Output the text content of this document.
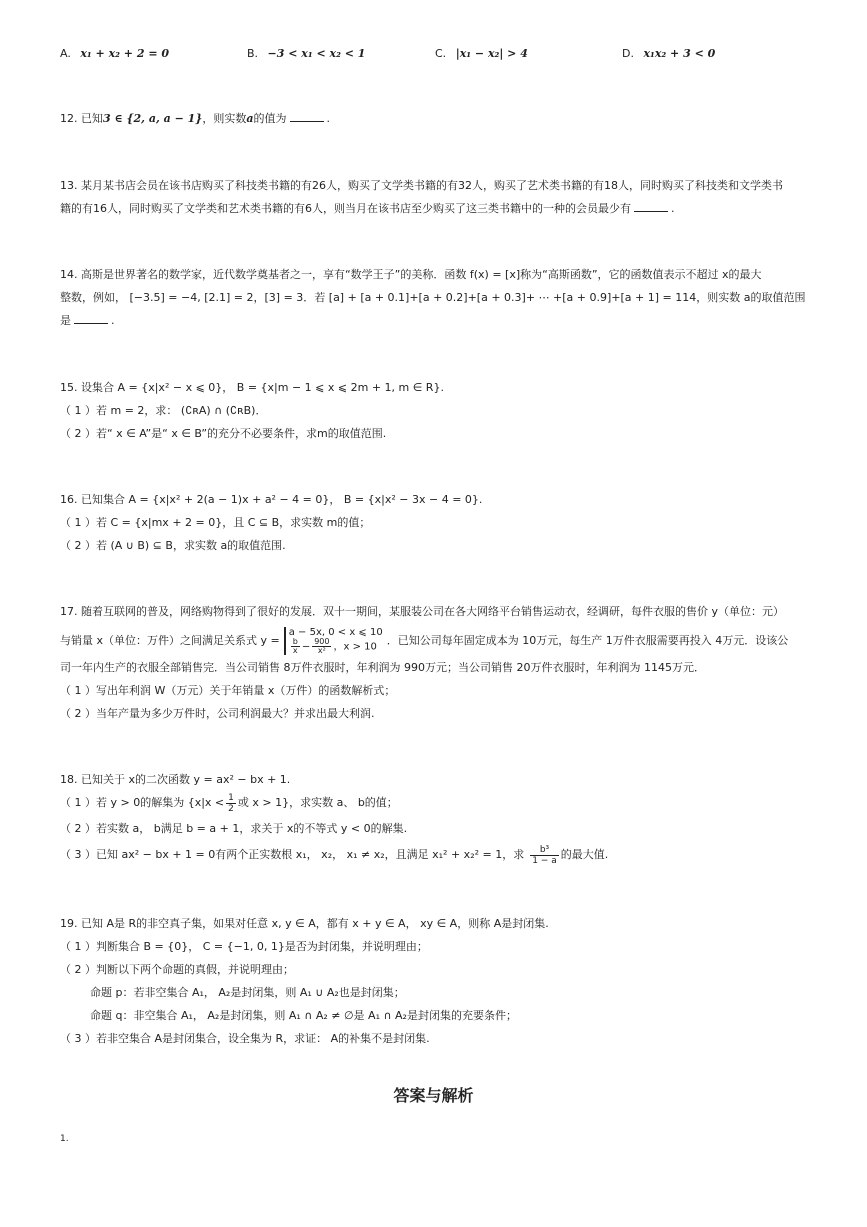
A. x₁ + x₂ + 2 = 0	B. −3 < x₁ < x₂ < 1	C. |x₁ − x₂| > 4	D. x₁x₂ + 3 < 0
12. 已知3 ∈ {2, a, a − 1}，则实数a的值为	.
13. 某月某书店会员在该书店购买了科技类书籍的有26人，购买了文学类书籍的有32人，购买了艺术类书籍的有18人，同时购买了科技类和文学类书
籍的有16人，同时购买了文学类和艺术类书籍的有6人，则当月在该书店至少购买了这三类书籍中的一种的会员最少有	.
14. 高斯是世界著名的数学家，近代数学奠基者之一，享有“数学王子”的美称．函数 f(x) = [x]称为“高斯函数”，它的函数值表示不超过 x的最大
整数，例如， [−3.5] = −4, [2.1] = 2，[3] = 3．若 [a] + [a + 0.1]+[a + 0.2]+[a + 0.3]+ ⋯ +[a + 0.9]+[a + 1] = 114，则实数 a的取值范围
是	.
15. 设集合 A = {x|x² − x ⩽ 0}， B = {x|m − 1 ⩽ x ⩽ 2m + 1, m ∈ R}.
（ 1 ）若 m = 2，求： (∁ʀA) ∩ (∁ʀB)．
（ 2 ）若“ x ∈ A”是“ x ∈ B”的充分不必要条件，求m的取值范围.
16. 已知集合 A = {x|x² + 2(a − 1)x + a² − 4 = 0}， B = {x|x² − 3x − 4 = 0}.
（ 1 ）若 C = {x|mx + 2 = 0}，且 C ⊆ B，求实数 m的值；
（ 2 ）若 (A ∪ B) ⊆ B，求实数 a的取值范围.
17. 随着互联网的普及，网络购物得到了很好的发展．双十一期间，某服装公司在各大网络平台销售运动衣，经调研，每件衣服的售价 y（单位：元）
与销量 x（单位：万件）之间满足关系式 y =
a − 5x, 0 < x ⩽ 10
$\frac{b}{x} - \frac{900}{\text{x²}}$ ，x > 10 ．已知公司每年固定成本为 10万元，每生产 1万件衣服需要再投入 4万元．设该公
司一年内生产的衣服全部销售完．当公司销售 8万件衣服时，年利润为 990万元；当公司销售 20万件衣服时，年利润为 1145万元．
（ 1 ）写出年利润 W（万元）关于年销量 x（万件）的函数解析式；
（ 2 ）当年产量为多少万件时，公司利润最大？并求出最大利润.
18. 已知关于 x的二次函数 y = ax² − bx + 1.
（ 1 ）若 y > 0的解集为 {$x|x < \frac{1}{2}$ 或 x > 1}，求实数 a、 b的值；
（ 2 ）若实数 a， b满足 b = a + 1，求关于 x的不等式 y < 0的解集.
（ 3 ）已知 ax² − bx + 1 = 0有两个正实数根 x₁， x₂， x₁ ≠ x₂，且满足 x₁² + x₂² = 1，求 $\frac{\text{b³}}{1 - a}$ 的最大值.
19. 已知 A是 R的非空真子集，如果对任意 x, y ∈ A，都有 x + y ∈ A， xy ∈ A，则称 A是封闭集.
（ 1 ）判断集合 B = {0}， C = {−1, 0, 1}是否为封闭集，并说明理由；
（ 2 ）判断以下两个命题的真假，并说明理由；
命题 p：若非空集合 A₁， A₂是封闭集，则 A₁ ∪ A₂也是封闭集；
命题 q：非空集合 A₁， A₂是封闭集，则 A₁ ∩ A₂ ≠ ∅是 A₁ ∩ A₂是封闭集的充要条件；
（ 3 ）若非空集合 A是封闭集合，设全集为 R，求证： A的补集不是封闭集.
答案与解析
1.
